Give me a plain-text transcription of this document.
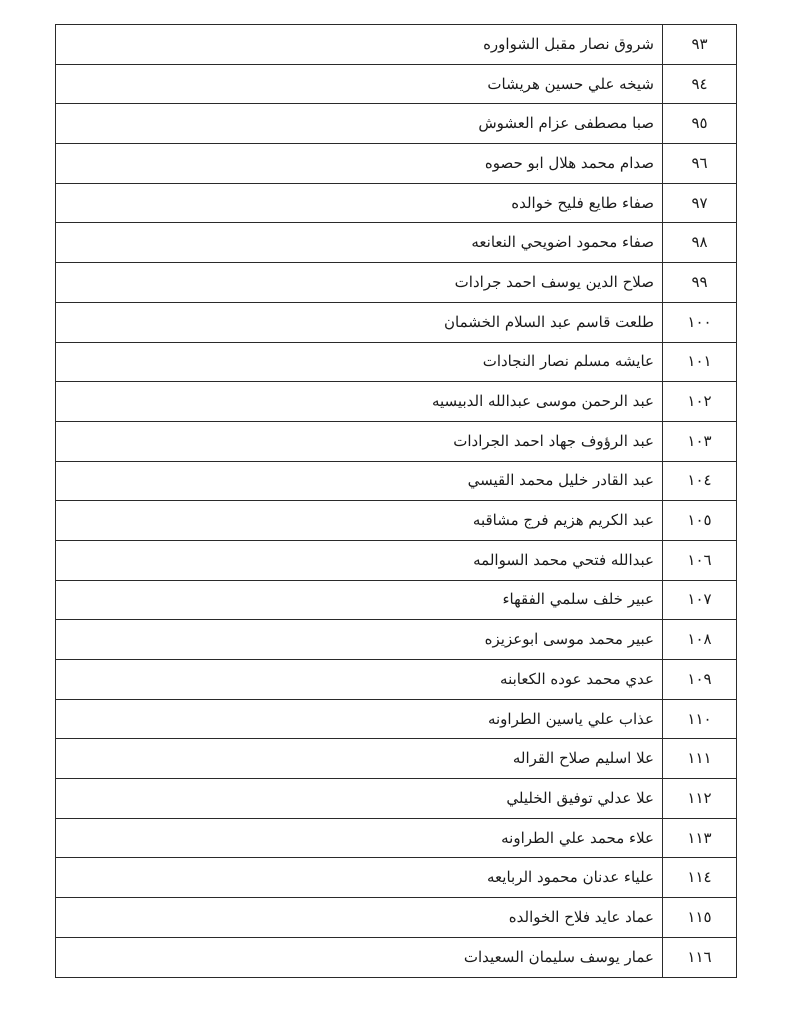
٩٣	شروق نصار مقبل الشواوره
٩٤	شيخه علي حسين هريشات
٩٥	صبا مصطفى عزام العشوش
٩٦	صدام محمد هلال ابو حصوه
٩٧	صفاء طايع فليح خوالده
٩٨	صفاء محمود اضويحي النعانعه
٩٩	صلاح الدين يوسف احمد جرادات
١٠٠	طلعت قاسم عبد السلام الخشمان
١٠١	عايشه مسلم نصار النجادات
١٠٢	عبد الرحمن موسى عبدالله الدبيسيه
١٠٣	عبد الرؤوف جهاد احمد الجرادات
١٠٤	عبد القادر خليل محمد القيسي
١٠٥	عبد الكريم هزيم فرج مشاقبه
١٠٦	عبدالله فتحي محمد السوالمه
١٠٧	عبير خلف سلمي الفقهاء
١٠٨	عبير محمد موسى ابوعزيزه
١٠٩	عدي محمد عوده الكعابنه
١١٠	عذاب علي ياسين الطراونه
١١١	علا اسليم صلاح القراله
١١٢	علا عدلي توفيق الخليلي
١١٣	علاء محمد علي الطراونه
١١٤	علياء عدنان محمود الربايعه
١١٥	عماد عايد فلاح الخوالده
١١٦	عمار يوسف سليمان السعيدات
